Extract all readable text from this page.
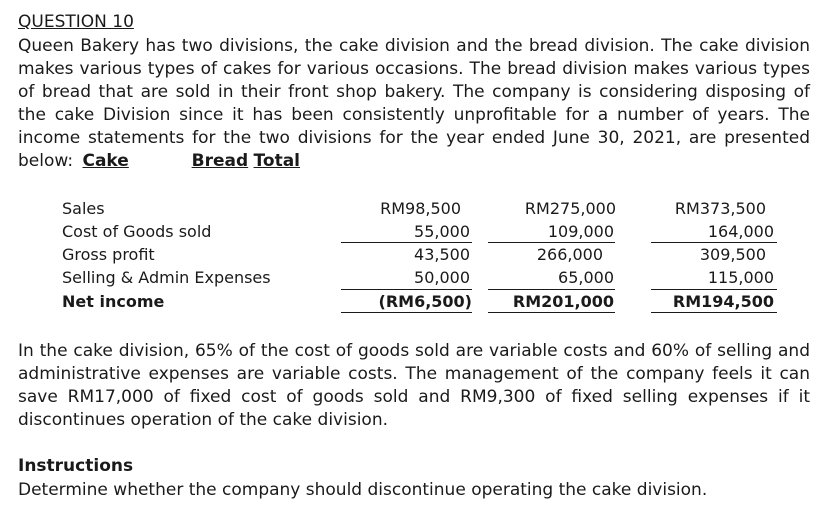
QUESTION 10
Queen Bakery has two divisions, the cake division and the bread division. The cake division makes various types of cakes for various occasions. The bread division makes various types of bread that are sold in their front shop bakery. The company is considering disposing of the cake Division since it has been consistently unprofitable for a number of years. The income statements for the two divisions for the year ended June 30, 2021, are presented below: Cake	Bread Total
Sales
Cost of Goods sold
Gross profit
Selling & Admin Expenses
Net income
RM98,500
55,000
43,500
50,000
(RM6,500)
RM275,000
109,000
266,000
65,000
RM201,000
RM373,500
164,000
309,500
115,000
RM194,500
In the cake division, 65% of the cost of goods sold are variable costs and 60% of selling and administrative expenses are variable costs. The management of the company feels it can save RM17,000 of fixed cost of goods sold and RM9,300 of fixed selling expenses if it discontinues operation of the cake division.
Instructions
Determine whether the company should discontinue operating the cake division.
